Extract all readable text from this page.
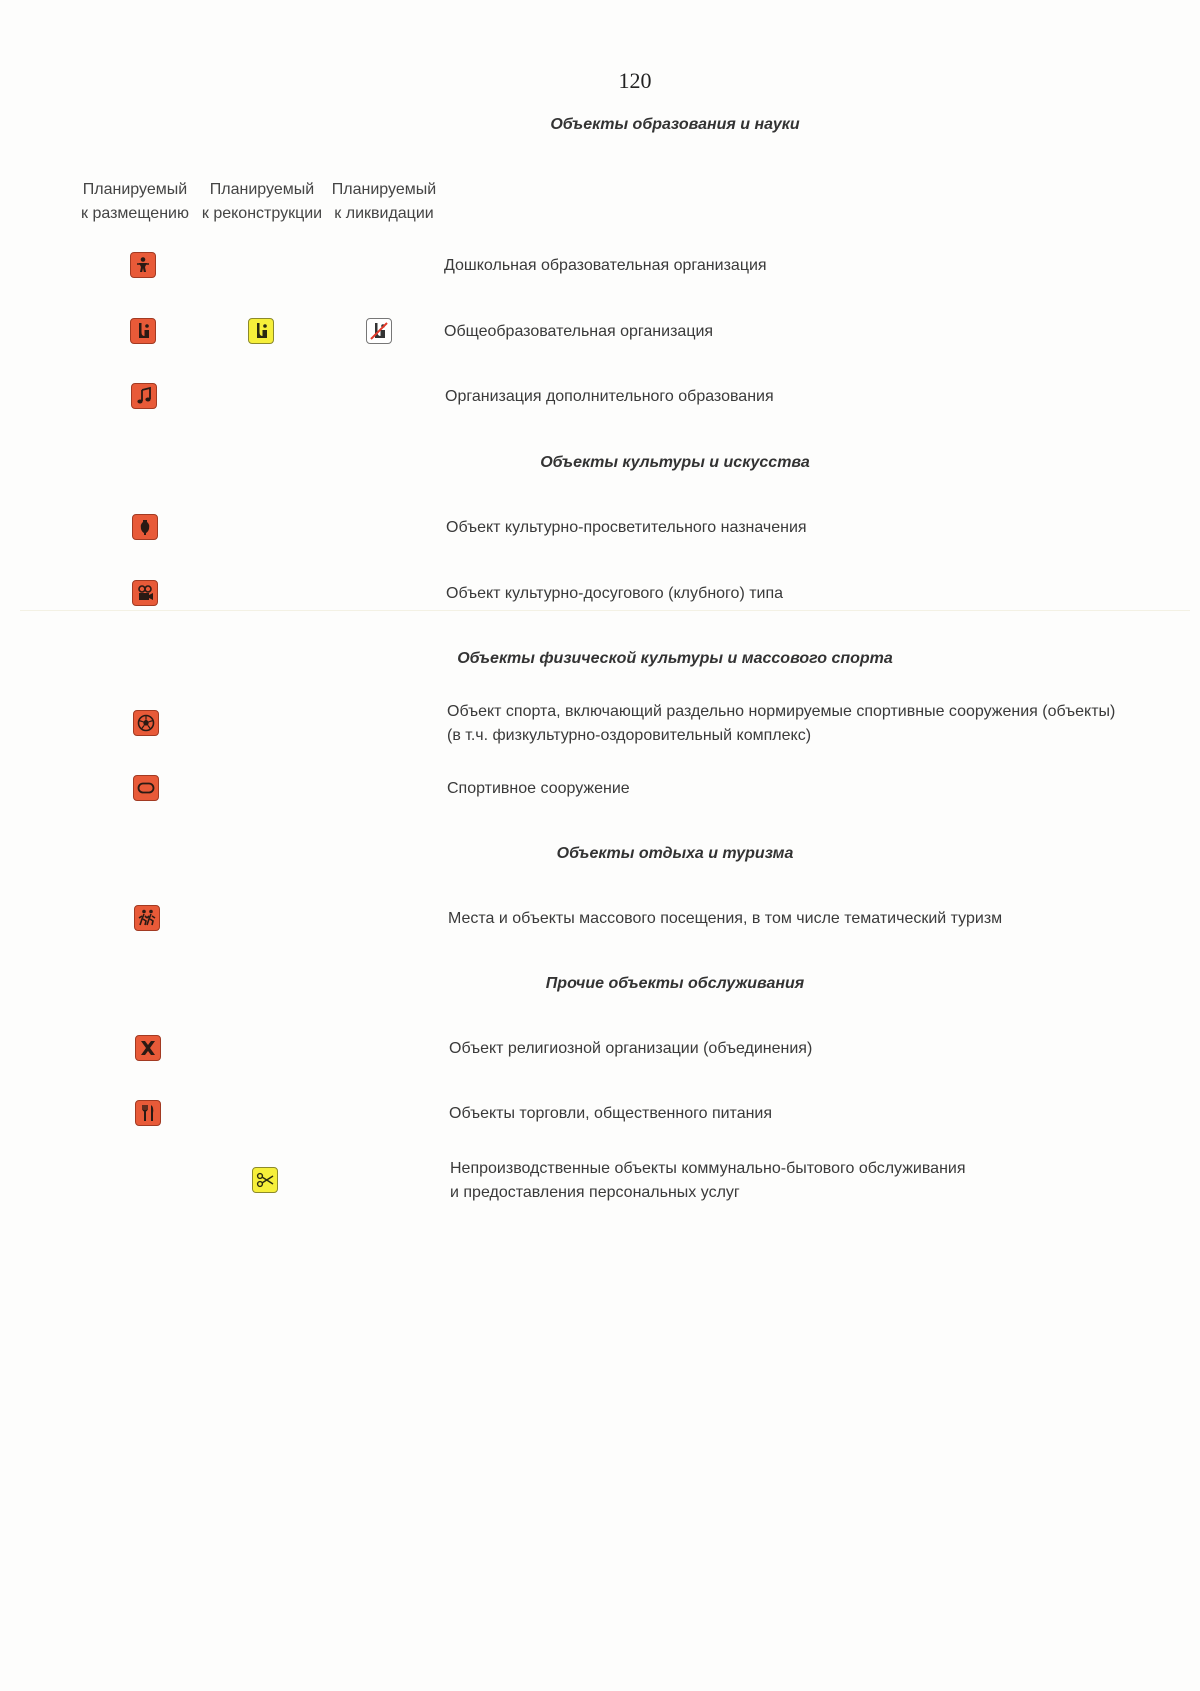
120
Объекты образования и науки
Планируемый
к размещению
Планируемый
к реконструкции
Планируемый
к ликвидации
Дошкольная образовательная организация
Общеобразовательная организация
Организация дополнительного образования
Объекты культуры и искусства
Объект культурно-просветительного назначения
Объект культурно-досугового (клубного) типа
Объекты физической культуры и массового спорта
Объект спорта, включающий раздельно нормируемые спортивные сооружения (объекты)
(в т.ч. физкультурно-оздоровительный комплекс)
Спортивное сооружение
Объекты отдыха и туризма
Места и объекты массового посещения, в том числе тематический туризм
Прочие объекты обслуживания
Объект религиозной организации (объединения)
Объекты торговли, общественного питания
Непроизводственные объекты коммунально-бытового обслуживания
и предоставления персональных услуг
